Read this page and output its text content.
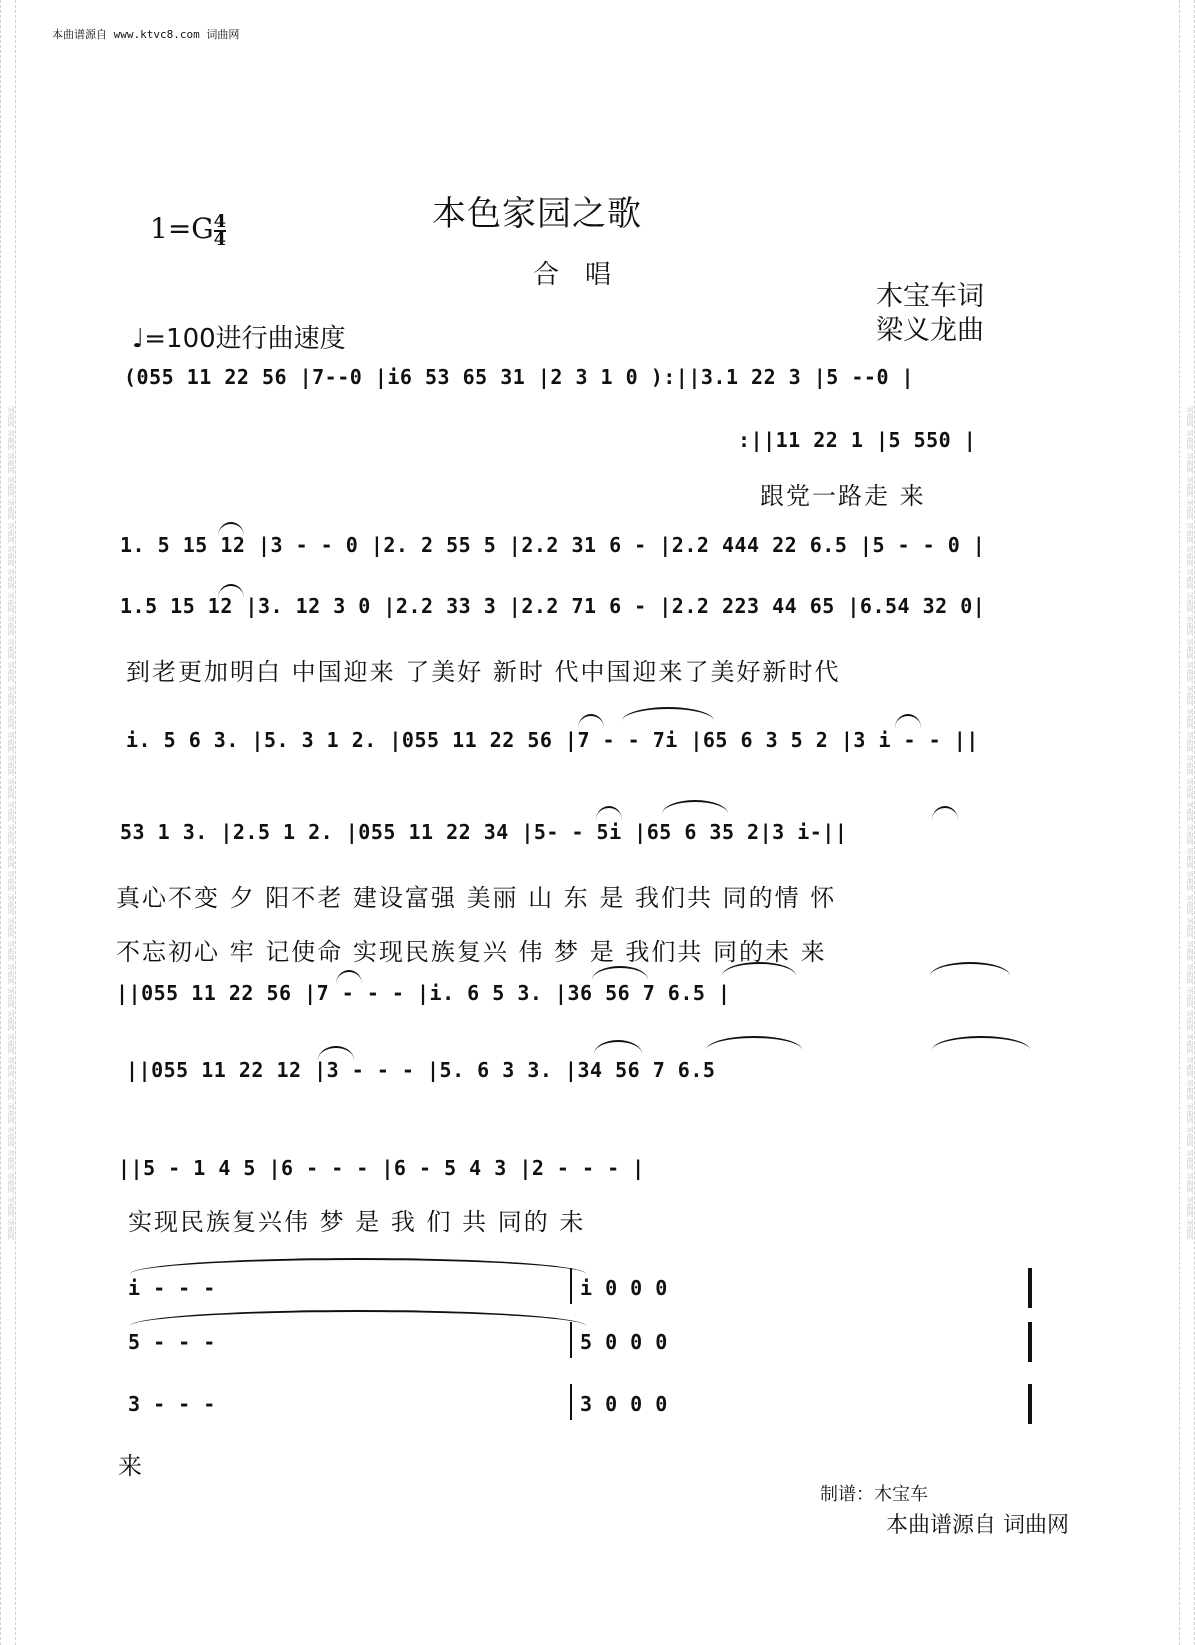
词曲网 词曲网 词曲网 词曲网 词曲网 词曲网 词曲网 词曲网 词曲网 词曲网 词曲网 词曲网 词曲网 词曲网 词曲网 词曲网 词曲网 词曲网 词曲网 词曲网 词曲网 词曲网 词曲网 词曲网 词曲网 词曲网 词曲网 词曲网 词曲网 词曲网 词曲网 词曲网 词曲网 词曲网 词曲网 词曲网	词曲网 词曲网 词曲网 词曲网 词曲网 词曲网 词曲网 词曲网 词曲网 词曲网 词曲网 词曲网 词曲网 词曲网 词曲网 词曲网 词曲网 词曲网 词曲网 词曲网 词曲网 词曲网 词曲网 词曲网 词曲网 词曲网 词曲网 词曲网 词曲网 词曲网 词曲网 词曲网 词曲网 词曲网 词曲网 词曲网
本曲谱源自 www.ktvc8.com 词曲网
本色家园之歌
合唱
$1=G \frac{4}{4}$
木宝车词
梁义龙曲
♩=100进行曲速度
(055 11 22 56 |7--0 |i6 53 65 31 |2 3 1 0 ):||3.1 22 3 |5 --0 |
:||11 22 1 |5 550 |
跟党一路走 来
1. 5 15 12 |3 - - 0 |2. 2 55 5 |2.2 31 6 - |2.2 444 22 6.5 |5 - - 0 |
1.5 15 12 |3. 12 3 0 |2.2 33 3 |2.2 71 6 - |2.2 223 44 65 |6.54 32 0|
到老更加明白 中国迎来 了美好 新时 代中国迎来了美好新时代
i. 5 6 3. |5. 3 1 2. |055 11 22 56 |7 - - 7i |65 6 3 5 2 |3 i - - ||
53 1 3. |2.5 1 2. |055 11 22 34 |5- - 5i |65 6 35 2|3 i-||
真心不变 夕 阳不老 建设富强 美丽 山 东 是 我们共 同的情 怀
不忘初心 牢 记使命 实现民族复兴 伟 梦 是 我们共 同的未 来
||055 11 22 56 |7 - - - |i. 6 5 3. |36 56 7 6.5 |
||055 11 22 12 |3 - - - |5. 6 3 3. |34 56 7 6.5
||5 - 1 4 5 |6 - - - |6 - 5 4 3 |2 - - - |
实现民族复兴伟 梦 是 我 们 共 同的 未
i - - -	i 0 0 0
5 - - -	5 0 0 0
3 - - -	3 0 0 0
来
制谱：木宝车
本曲谱源自 词曲网
